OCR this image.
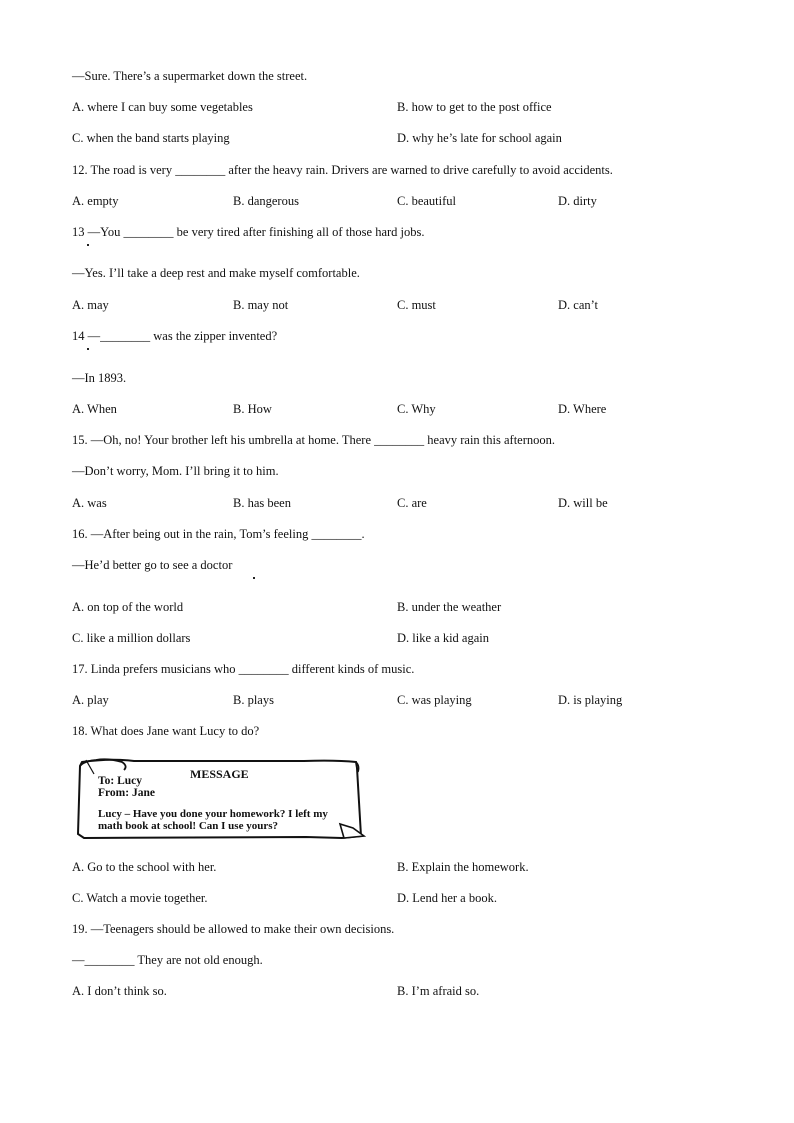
—Sure. There’s a supermarket down the street.
A. where I can buy some vegetables	B. how to get to the post office
C. when the band starts playing	D. why he’s late for school again
12. The road is very ________ after the heavy rain. Drivers are warned to drive carefully to avoid accidents.
A. empty	B. dangerous	C. beautiful	D. dirty
13 —You ________ be very tired after finishing all of those hard jobs.
—Yes. I’ll take a deep rest and make myself comfortable.
A. may	B. may not	C. must	D. can’t
14 —________ was the zipper invented?
—In 1893.
A. When	B. How	C. Why	D. Where
15. —Oh, no! Your brother left his umbrella at home. There ________ heavy rain this afternoon.
—Don’t worry, Mom. I’ll bring it to him.
A. was	B. has been	C. are	D. will be
16. —After being out in the rain, Tom’s feeling ________.
—He’d better go to see a doctor
A. on top of the world	B. under the weather
C. like a million dollars	D. like a kid again
17. Linda prefers musicians who ________ different kinds of music.
A. play	B. plays	C. was playing	D. is playing
18. What does Jane want Lucy to do?
MESSAGE
To: Lucy
From: Jane
Lucy – Have you done your homework? I left my
math book at school! Can I use yours?
A. Go to the school with her.	B. Explain the homework.
C. Watch a movie together.	D. Lend her a book.
19. —Teenagers should be allowed to make their own decisions.
—________ They are not old enough.
A. I don’t think so.	B. I’m afraid so.
